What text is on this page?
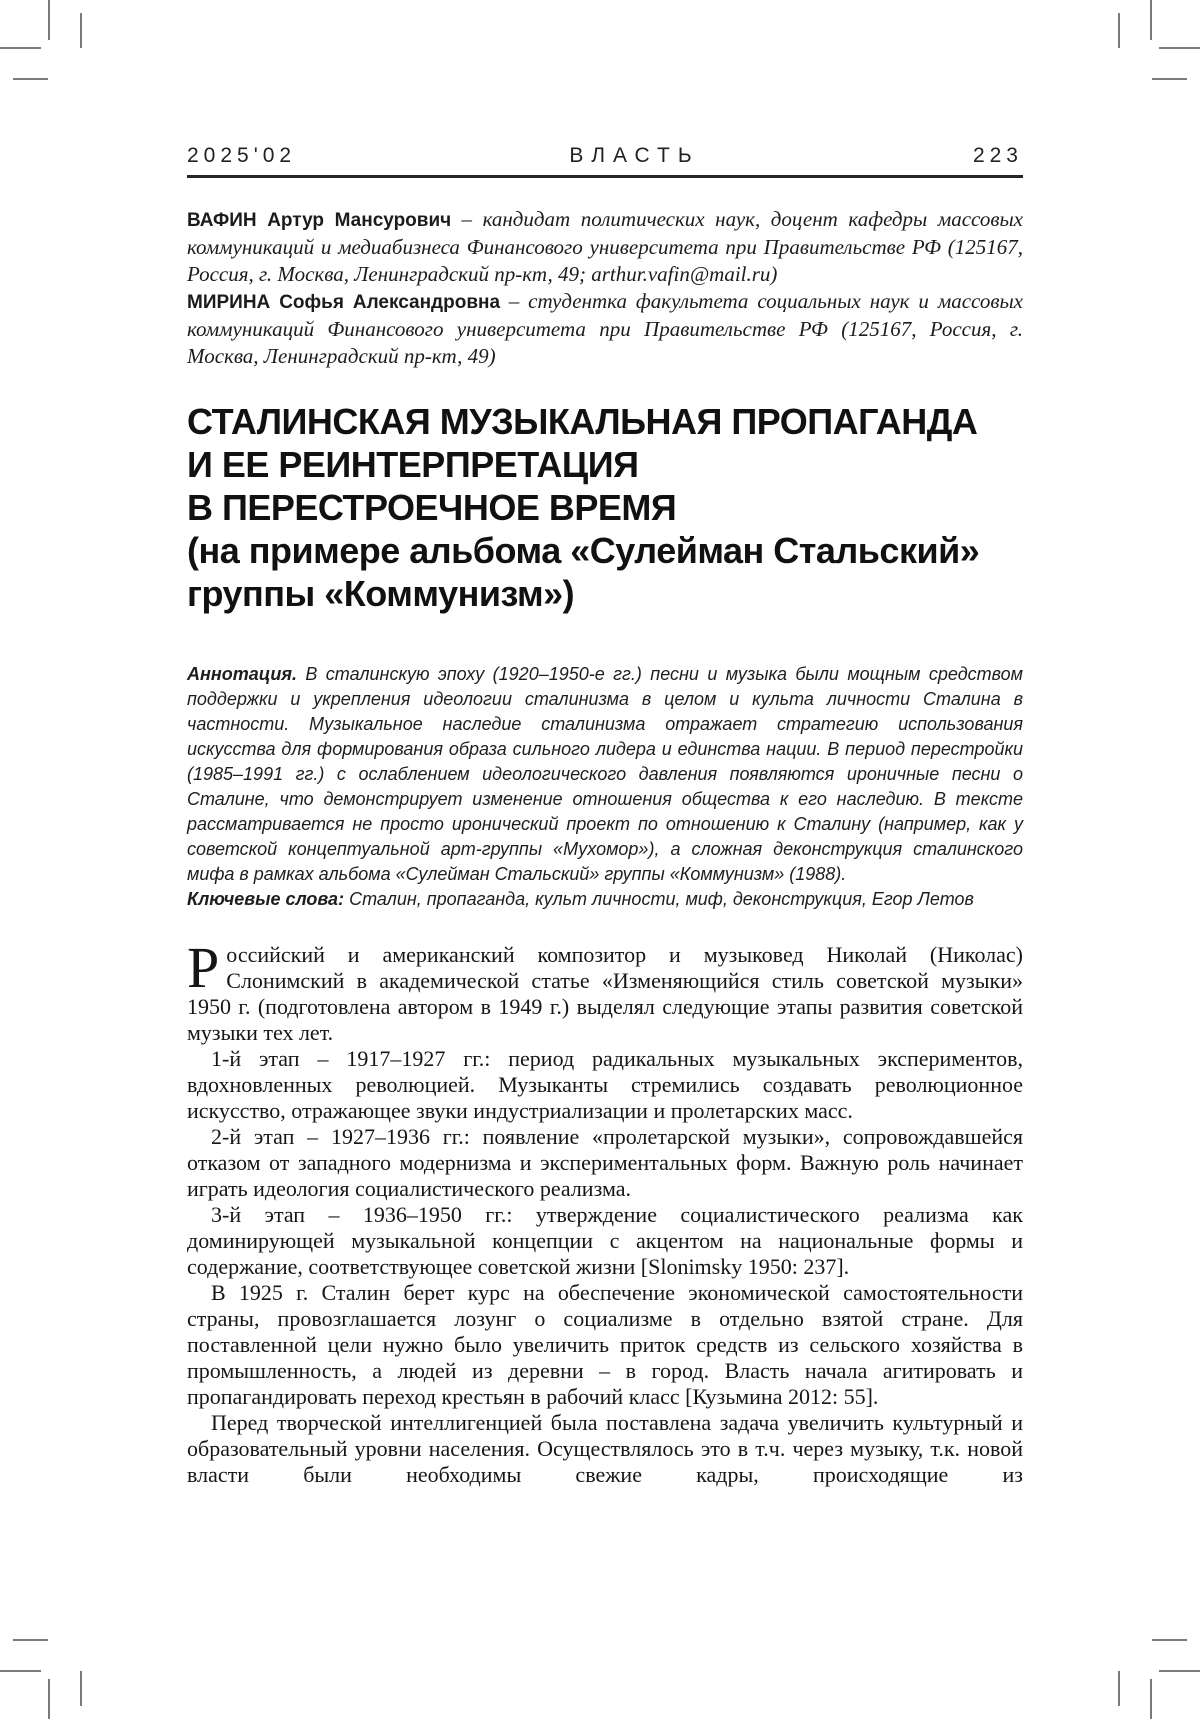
2025'02	ВЛАСТЬ	223

ВАФИН Артур Мансурович – кандидат политических наук, доцент кафедры массовых коммуникаций и медиабизнеса Финансового университета при Правительстве РФ (125167, Россия, г. Москва, Ленинградский пр-кт, 49; arthur.vafin@mail.ru)

МИРИНА Софья Александровна – студентка факультета социальных наук и массовых коммуникаций Финансового университета при Правительстве РФ (125167, Россия, г. Москва, Ленинградский пр-кт, 49)

СТАЛИНСКАЯ МУЗЫКАЛЬНАЯ ПРОПАГАНДА
И ЕЕ РЕИНТЕРПРЕТАЦИЯ
В ПЕРЕСТРОЕЧНОЕ ВРЕМЯ
(на примере альбома «Сулейман Стальский»
группы «Коммунизм»)

Аннотация. В сталинскую эпоху (1920–1950-е гг.) песни и музыка были мощным средством поддержки и укрепления идеологии сталинизма в целом и культа личности Сталина в частности. Музыкальное наследие сталинизма отражает стратегию использования искусства для формирования образа сильного лидера и единства нации. В период перестройки (1985–1991 гг.) с ослаблением идеологического давления появляются ироничные песни о Сталине, что демонстрирует изменение отношения общества к его наследию. В тексте рассматривается не просто иронический проект по отношению к Сталину (например, как у советской концептуальной арт-группы «Мухомор»), а сложная деконструкция сталинского мифа в рамках альбома «Сулейман Стальский» группы «Коммунизм» (1988).

Ключевые слова: Сталин, пропаганда, культ личности, миф, деконструкция, Егор Летов

Российский и американский композитор и музыковед Николай (Николас) Слонимский в академической статье «Изменяющийся стиль советской музыки» 1950 г. (подготовлена автором в 1949 г.) выделял следующие этапы развития советской музыки тех лет.

1-й этап – 1917–1927 гг.: период радикальных музыкальных экспериментов, вдохновленных революцией. Музыканты стремились создавать революционное искусство, отражающее звуки индустриализации и пролетарских масс.

2-й этап – 1927–1936 гг.: появление «пролетарской музыки», сопровождавшейся отказом от западного модернизма и экспериментальных форм. Важную роль начинает играть идеология социалистического реализма.

3-й этап – 1936–1950 гг.: утверждение социалистического реализма как доминирующей музыкальной концепции с акцентом на национальные формы и содержание, соответствующее советской жизни [Slonimsky 1950: 237].

В 1925 г. Сталин берет курс на обеспечение экономической самостоятельности страны, провозглашается лозунг о социализме в отдельно взятой стране. Для поставленной цели нужно было увеличить приток средств из сельского хозяйства в промышленность, а людей из деревни – в город. Власть начала агитировать и пропагандировать переход крестьян в рабочий класс [Кузьмина 2012: 55].

Перед творческой интеллигенцией была поставлена задача увеличить культурный и образовательный уровни населения. Осуществлялось это в т.ч. через музыку, т.к. новой власти были необходимы свежие кадры, происходящие из
